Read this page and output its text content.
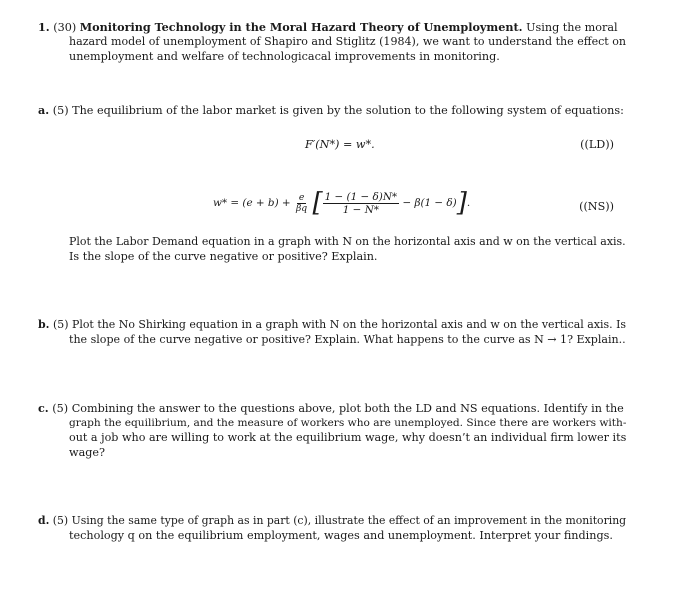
1. (30) Monitoring Technology in the Moral Hazard Theory of Unemployment. Using the moral
hazard model of unemployment of Shapiro and Stiglitz (1984), we want to understand the effect on
unemployment and welfare of technologicacal improvements in monitoring.
a. (5) The equilibrium of the labor market is given by the solution to the following system of equations:
F′(N*) = w*.	((LD))
$w* = (e + b) + \frac{e}{\beta q}$ [ $\frac{1 - (1 - \delta)N*}{1 - N*} - \beta(1 - \delta)$].	((NS))
Plot the Labor Demand equation in a graph with N on the horizontal axis and w on the vertical axis.
Is the slope of the curve negative or positive? Explain.
b. (5) Plot the No Shirking equation in a graph with N on the horizontal axis and w on the vertical axis. Is
the slope of the curve negative or positive? Explain. What happens to the curve as N → 1? Explain..
c. (5) Combining the answer to the questions above, plot both the LD and NS equations. Identify in the
graph the equilibrium, and the measure of workers who are unemployed. Since there are workers with-
out a job who are willing to work at the equilibrium wage, why doesn’t an individual firm lower its
wage?
d. (5) Using the same type of graph as in part (c), illustrate the effect of an improvement in the monitoring
techology q on the equilibrium employment, wages and unemployment. Interpret your findings.
